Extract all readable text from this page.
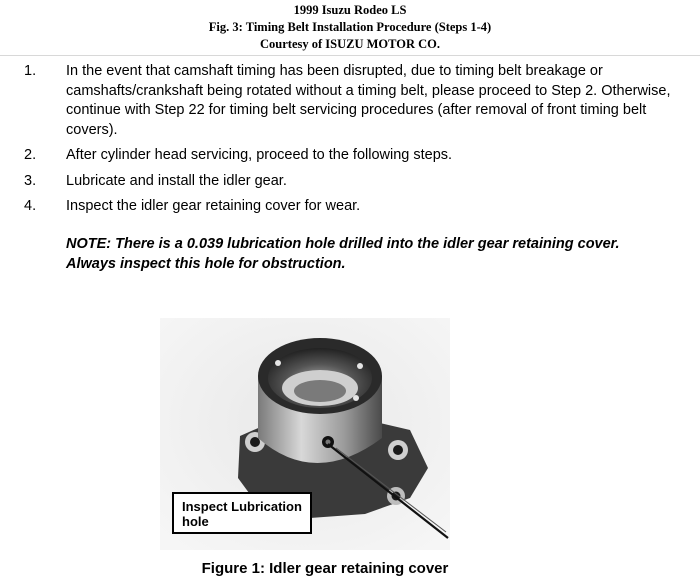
1999 Isuzu Rodeo LS
Fig. 3: Timing Belt Installation Procedure (Steps 1-4)
Courtesy of ISUZU MOTOR CO.
1. In the event that camshaft timing has been disrupted, due to timing belt breakage or camshafts/crankshaft being rotated without a timing belt, please proceed to Step 2. Otherwise, continue with Step 22 for timing belt servicing procedures (after removal of front timing belt covers).
2. After cylinder head servicing, proceed to the following steps.
3. Lubricate and install the idler gear.
4. Inspect the idler gear retaining cover for wear.
NOTE: There is a 0.039 lubrication hole drilled into the idler gear retaining cover.
Always inspect this hole for obstruction.
Inspect Lubrication
hole
Figure 1: Idler gear retaining cover
